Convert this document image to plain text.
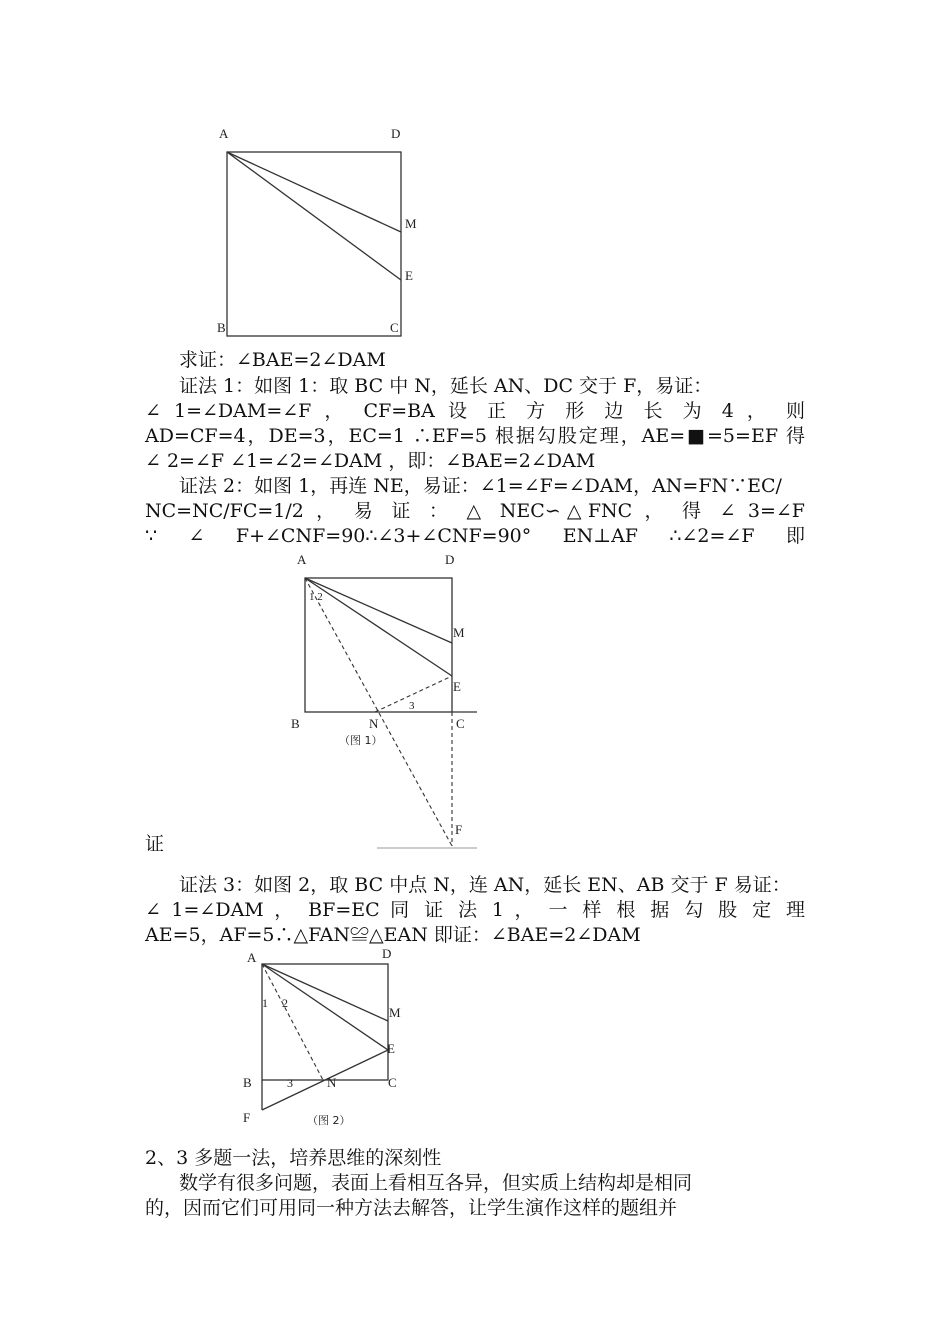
A	D
M
E
B	C
求证：∠BAE=2∠DAM
证法 1：如图 1：取 BC 中 N，延长 AN、DC 交于 F，易证：
∠ 1=∠DAM=∠F ， CF=BA 设 正 方 形 边 长 为 4 ， 则
AD=CF=4，DE=3，EC=1 ∴EF=5 根据勾股定理，AE=■=5=EF 得
∠ 2=∠F ∠1=∠2=∠DAM ，即：∠BAE=2∠DAM
证法 2：如图 1，再连 NE，易证：∠1=∠F=∠DAM，AN=FN∵EC/
NC=NC/FC=1/2 ， 易 证 ： △ NEC∽△FNC ， 得 ∠ 3=∠F
∵ ∠ F+∠CNF=90∴∠3+∠CNF=90° EN⊥AF ∴∠2=∠F 即
A	D
1 2
M
E
3
B	N	C
（图 1）
F
证
证法 3：如图 2，取 BC 中点 N，连 AN，延长 EN、AB 交于 F 易证：
∠ 1=∠DAM ， BF=EC 同 证 法 1 ， 一 样 根 据 勾 股 定 理
AE=5，AF=5∴△FAN≌△EAN 即证：∠BAE=2∠DAM
A	D
1 2
M
E
B	3	N	C
F	（图 2）
2、3 多题一法，培养思维的深刻性
数学有很多问题，表面上看相互各异，但实质上结构却是相同
的，因而它们可用同一种方法去解答，让学生演作这样的题组并
